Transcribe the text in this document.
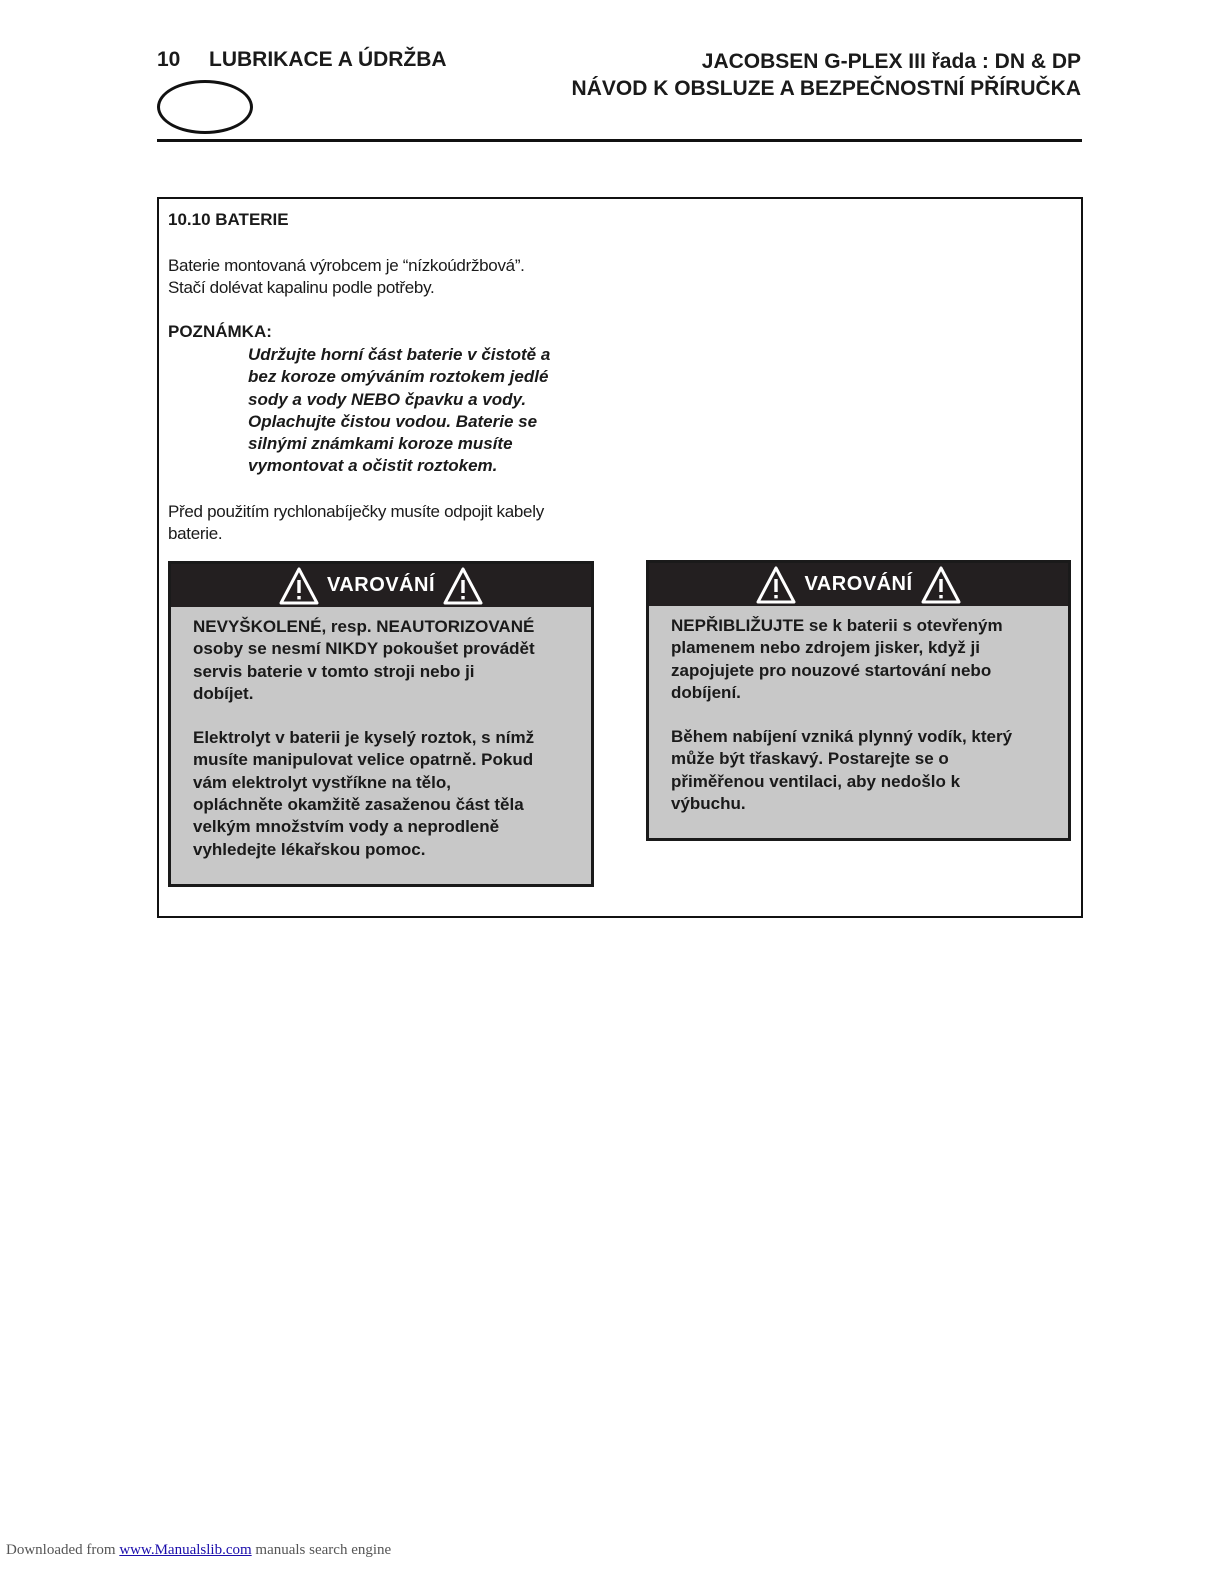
10 LUBRIKACE A ÚDRŽBA	JACOBSEN G-PLEX III řada : DN & DP
NÁVOD K OBSLUZE A BEZPEČNOSTNÍ PŘÍRUČKA
10.10 BATERIE
Baterie montovaná výrobcem je “nízkoúdržbová”.
Stačí dolévat kapalinu podle potřeby.
POZNÁMKA:
Udržujte horní část baterie v čistotě a
bez koroze omýváním roztokem jedlé
sody a vody NEBO čpavku a vody.
Oplachujte čistou vodou. Baterie se
silnými známkami koroze musíte
vymontovat a očistit roztokem.
Před použitím rychlonabíječky musíte odpojit kabely
baterie.
VAROVÁNÍ

NEVYŠKOLENÉ, resp. NEAUTORIZOVANÉ
osoby se nesmí NIKDY pokoušet provádět
servis baterie v tomto stroji nebo ji
dobíjet.

Elektrolyt v baterii je kyselý roztok, s nímž
musíte manipulovat velice opatrně. Pokud
vám elektrolyt vystříkne na tělo,
opláchněte okamžitě zasaženou část těla
velkým množstvím vody a neprodleně
vyhledejte lékařskou pomoc.

VAROVÁNÍ

NEPŘIBLIŽUJTE se k baterii s otevřeným
plamenem nebo zdrojem jisker, když ji
zapojujete pro nouzové startování nebo
dobíjení.

Během nabíjení vzniká plynný vodík, který
může být třaskavý. Postarejte se o
přiměřenou ventilaci, aby nedošlo k
výbuchu.

Downloaded from www.Manualslib.com manuals search engine
